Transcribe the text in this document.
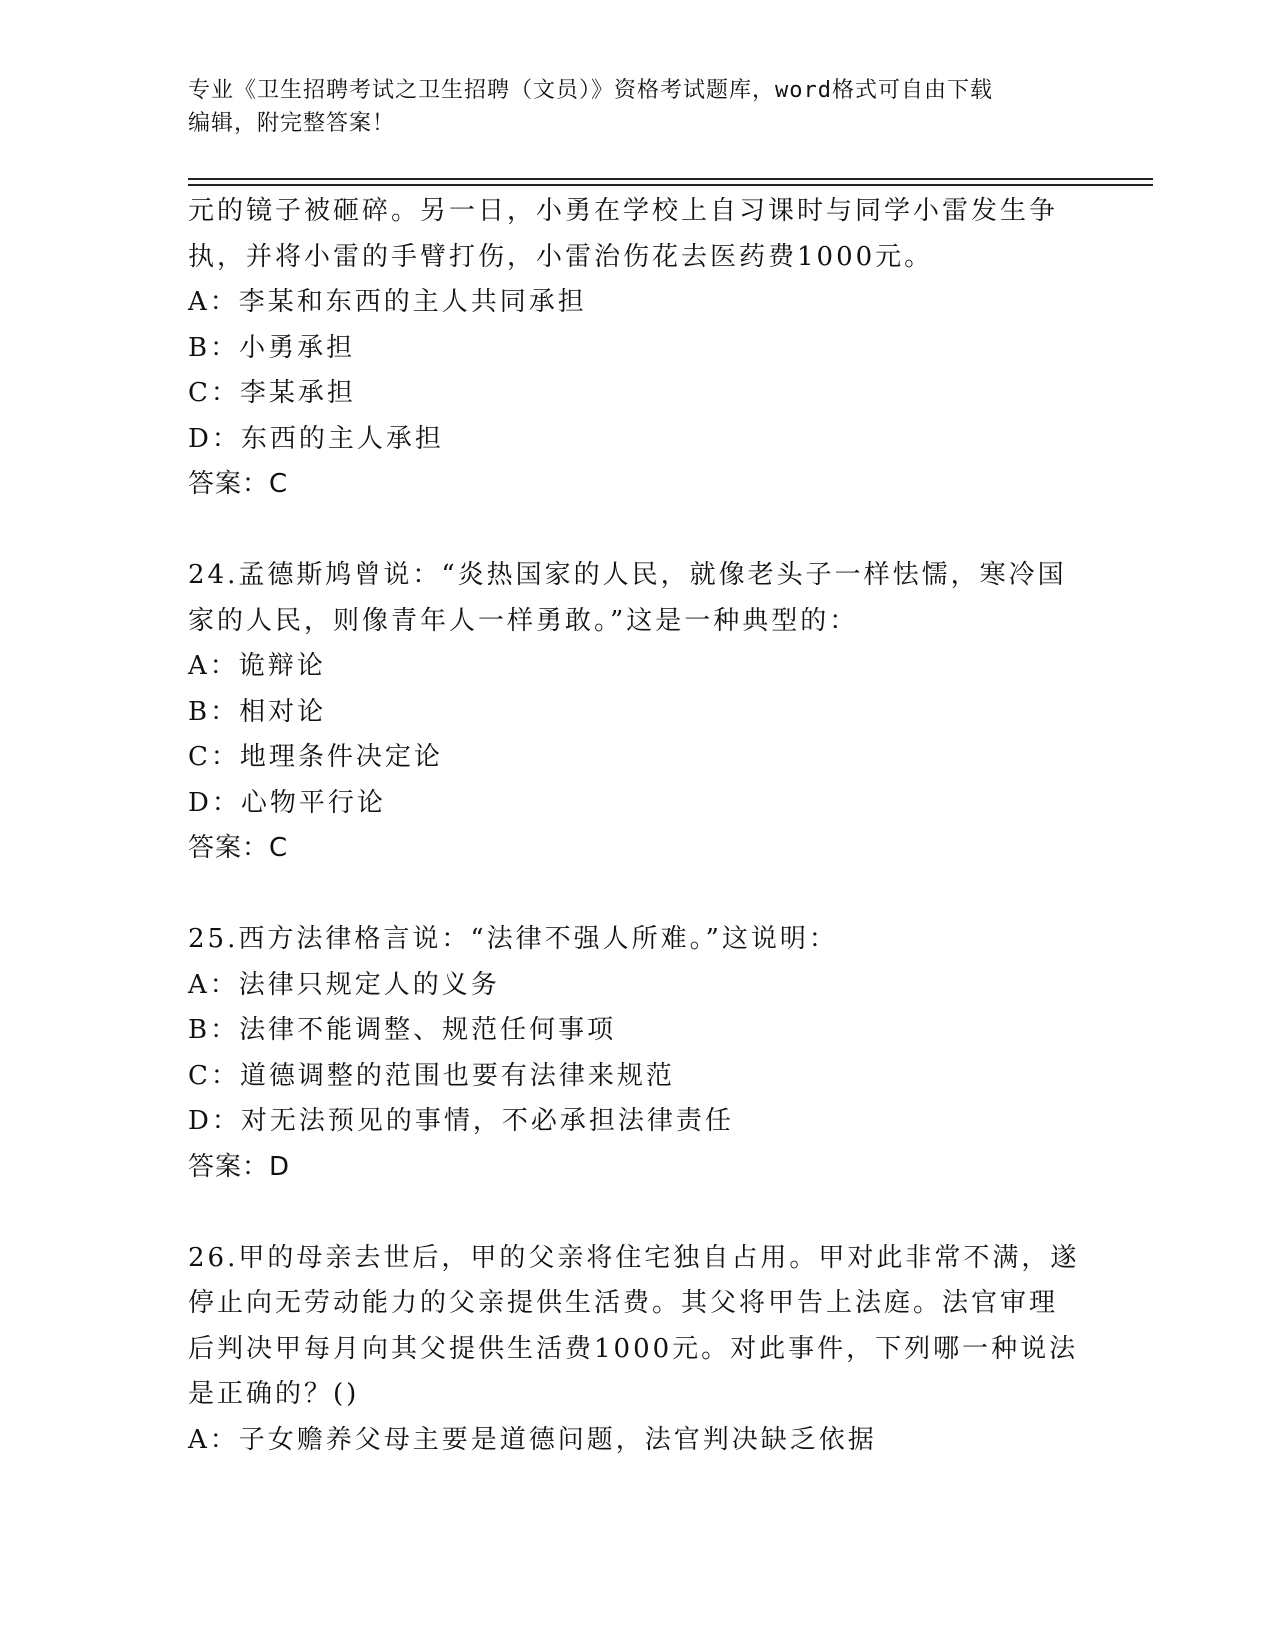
专业《卫生招聘考试之卫生招聘（文员）》资格考试题库，word格式可自由下载
编辑，附完整答案！
元的镜子被砸碎。另一日，小勇在学校上自习课时与同学小雷发生争
执，并将小雷的手臂打伤，小雷治伤花去医药费1000元。
A：李某和东西的主人共同承担
B：小勇承担
C：李某承担
D：东西的主人承担
答案：C
24.孟德斯鸠曾说：“炎热国家的人民，就像老头子一样怯懦，寒冷国
家的人民，则像青年人一样勇敢。”这是一种典型的：
A：诡辩论
B：相对论
C：地理条件决定论
D：心物平行论
答案：C
25.西方法律格言说：“法律不强人所难。”这说明：
A：法律只规定人的义务
B：法律不能调整、规范任何事项
C：道德调整的范围也要有法律来规范
D：对无法预见的事情，不必承担法律责任
答案：D
26.甲的母亲去世后，甲的父亲将住宅独自占用。甲对此非常不满，遂
停止向无劳动能力的父亲提供生活费。其父将甲告上法庭。法官审理
后判决甲每月向其父提供生活费1000元。对此事件，下列哪一种说法
是正确的？()
A：子女赡养父母主要是道德问题，法官判决缺乏依据
